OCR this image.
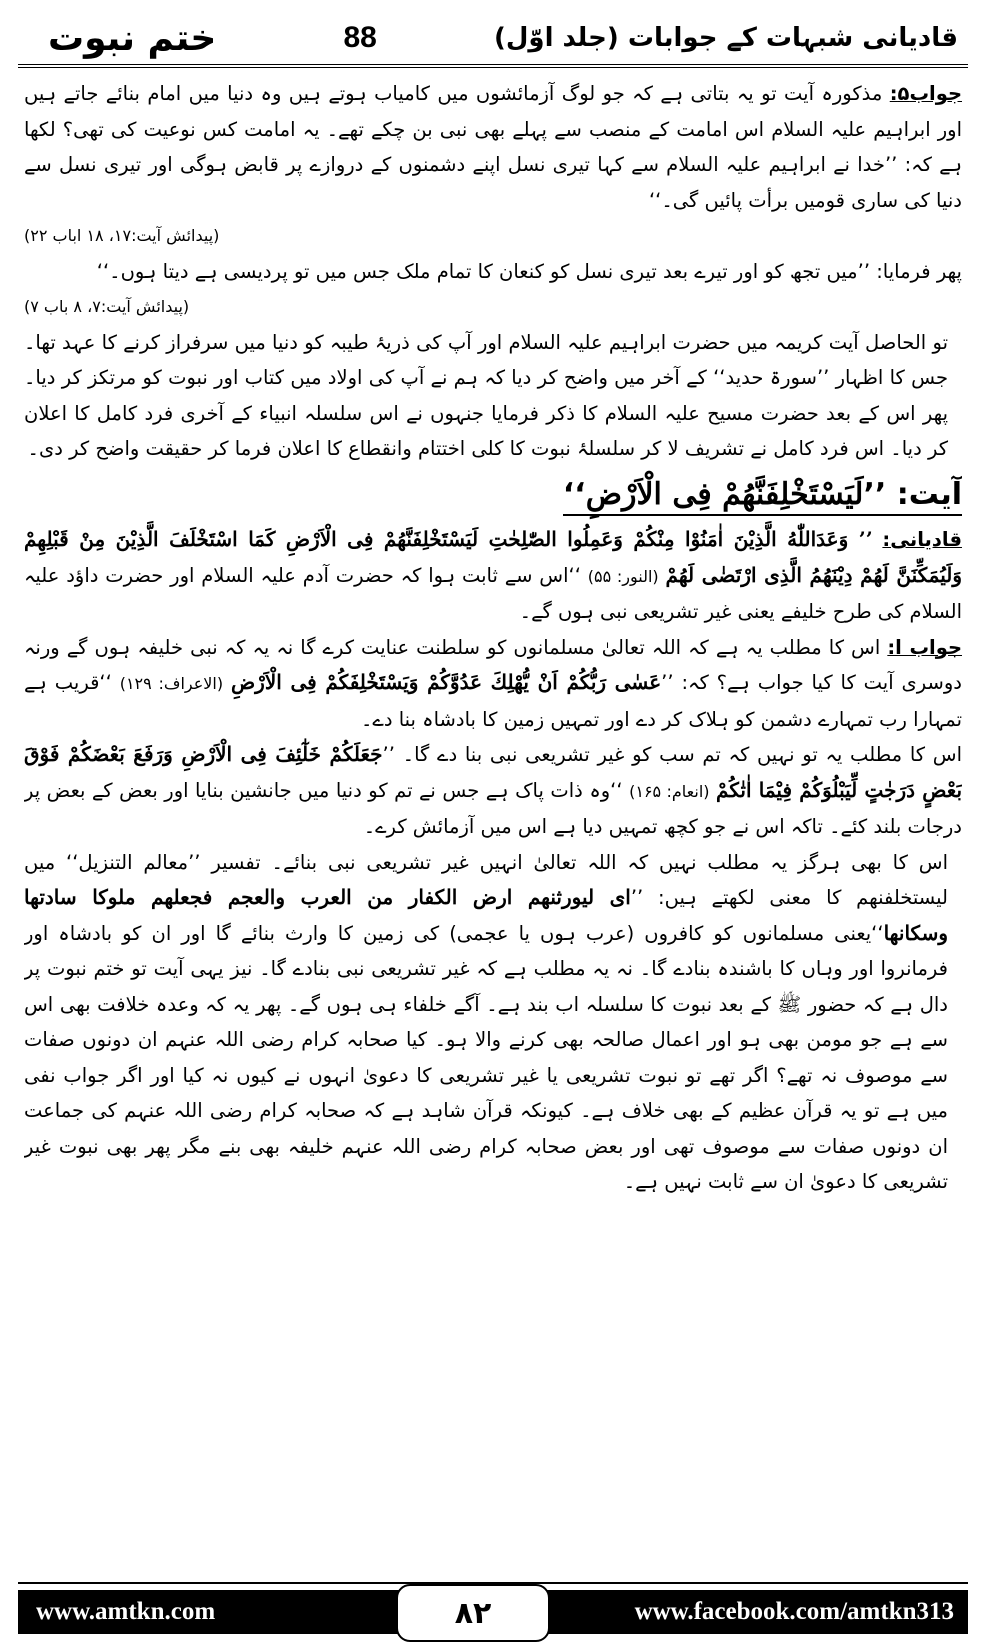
ختم نبوت	88	قادیانی شبہات کے جوابات (جلد اوّل)

جواب۵: مذکورہ آیت تو یہ بتاتی ہے کہ جو لوگ آزمائشوں میں کامیاب ہوتے ہیں وہ دنیا میں امام بنائے جاتے ہیں اور ابراہیم علیہ السلام اس امامت کے منصب سے پہلے بھی نبی بن چکے تھے۔ یہ امامت کس نوعیت کی تھی؟ لکھا ہے کہ: ’’خدا نے ابراہیم علیہ السلام سے کہا تیری نسل اپنے دشمنوں کے دروازے پر قابض ہوگی اور تیری نسل سے دنیا کی ساری قومیں برأت پائیں گی۔‘‘

(پیدائش آیت:۱۷، ۱۸ اباب ۲۲)

پھر فرمایا: ’’میں تجھ کو اور تیرے بعد تیری نسل کو کنعان کا تمام ملک جس میں تو پردیسی ہے دیتا ہوں۔‘‘

(پیدائش آیت:۷، ۸ باب ۷)

تو الحاصل آیت کریمہ میں حضرت ابراہیم علیہ السلام اور آپ کی ذریۂ طیبہ کو دنیا میں سرفراز کرنے کا عہد تھا۔ جس کا اظہار ’’سورۃ حدید‘‘ کے آخر میں واضح کر دیا کہ ہم نے آپ کی اولاد میں کتاب اور نبوت کو مرتکز کر دیا۔ پھر اس کے بعد حضرت مسیح علیہ السلام کا ذکر فرمایا جنہوں نے اس سلسلہ انبیاء کے آخری فرد کامل کا اعلان کر دیا۔ اس فرد کامل نے تشریف لا کر سلسلۂ نبوت کا کلی اختتام وانقطاع کا اعلان فرما کر حقیقت واضح کر دی۔

آیت: ’’لَیَسْتَخْلِفَنَّهُمْ فِی الْاَرْضِ‘‘

قادیانی: ’’ وَعَدَاللّٰهُ الَّذِیْنَ اٰمَنُوْا مِنْكُمْ وَعَمِلُوا الصّٰلِحٰتِ لَیَسْتَخْلِفَنَّهُمْ فِی الْاَرْضِ كَمَا اسْتَخْلَفَ الَّذِیْنَ مِنْ قَبْلِهِمْ وَلَیُمَكِّنَنَّ لَهُمْ دِیْنَهُمُ الَّذِی ارْتَضٰی لَهُمْ (النور: ۵۵) ‘‘اس سے ثابت ہوا کہ حضرت آدم علیہ السلام اور حضرت داؤد علیہ السلام کی طرح خلیفے یعنی غیر تشریعی نبی ہوں گے۔

جواب ا: اس کا مطلب یہ ہے کہ اللہ تعالیٰ مسلمانوں کو سلطنت عنایت کرے گا نہ یہ کہ نبی خلیفہ ہوں گے ورنہ دوسری آیت کا کیا جواب ہے؟ کہ: ’’عَسٰی رَبُّكُمْ اَنْ یُّهْلِكَ عَدُوَّكُمْ وَیَسْتَخْلِفَكُمْ فِی الْاَرْضِ (الاعراف: ۱۲۹) ‘‘قریب ہے تمہارا رب تمہارے دشمن کو ہلاک کر دے اور تمہیں زمین کا بادشاہ بنا دے۔

اس کا مطلب یہ تو نہیں کہ تم سب کو غیر تشریعی نبی بنا دے گا۔ ’’جَعَلَكُمْ خَلٰٓئِفَ فِی الْاَرْضِ وَرَفَعَ بَعْضَكُمْ فَوْقَ بَعْضٍ دَرَجٰتٍ لِّیَبْلُوَكُمْ فِیْمَا اٰتٰكُمْ (انعام: ۱۶۵) ‘‘وہ ذات پاک ہے جس نے تم کو دنیا میں جانشین بنایا اور بعض کے بعض پر درجات بلند کئے۔ تاکہ اس نے جو کچھ تمہیں دیا ہے اس میں آزمائش کرے۔

اس کا بھی ہرگز یہ مطلب نہیں کہ اللہ تعالیٰ انہیں غیر تشریعی نبی بنائے۔ تفسیر ’’معالم التنزیل‘‘ میں لیستخلفنهم کا معنی لکھتے ہیں: ’’ای لیورثنهم ارض الكفار من العرب والعجم فجعلهم ملوكا سادتها وسكانها‘‘یعنی مسلمانوں کو کافروں (عرب ہوں یا عجمی) کی زمین کا وارث بنائے گا اور ان کو بادشاہ اور فرمانروا اور وہاں کا باشندہ بنادے گا۔ نہ یہ مطلب ہے کہ غیر تشریعی نبی بنادے گا۔ نیز یہی آیت تو ختم نبوت پر دال ہے کہ حضور ﷺ کے بعد نبوت کا سلسلہ اب بند ہے۔ آگے خلفاء ہی ہوں گے۔ پھر یہ کہ وعدہ خلافت بھی اس سے ہے جو مومن بھی ہو اور اعمال صالحہ بھی کرنے والا ہو۔ کیا صحابہ کرام رضی اللہ عنہم ان دونوں صفات سے موصوف نہ تھے؟ اگر تھے تو نبوت تشریعی یا غیر تشریعی کا دعویٰ انہوں نے کیوں نہ کیا اور اگر جواب نفی میں ہے تو یہ قرآن عظیم کے بھی خلاف ہے۔ کیونکہ قرآن شاہد ہے کہ صحابہ کرام رضی اللہ عنہم کی جماعت ان دونوں صفات سے موصوف تھی اور بعض صحابہ کرام رضی اللہ عنہم خلیفہ بھی بنے مگر پھر بھی نبوت غیر تشریعی کا دعویٰ ان سے ثابت نہیں ہے۔

www.amtkn.com	۸۲	www.facebook.com/amtkn313
